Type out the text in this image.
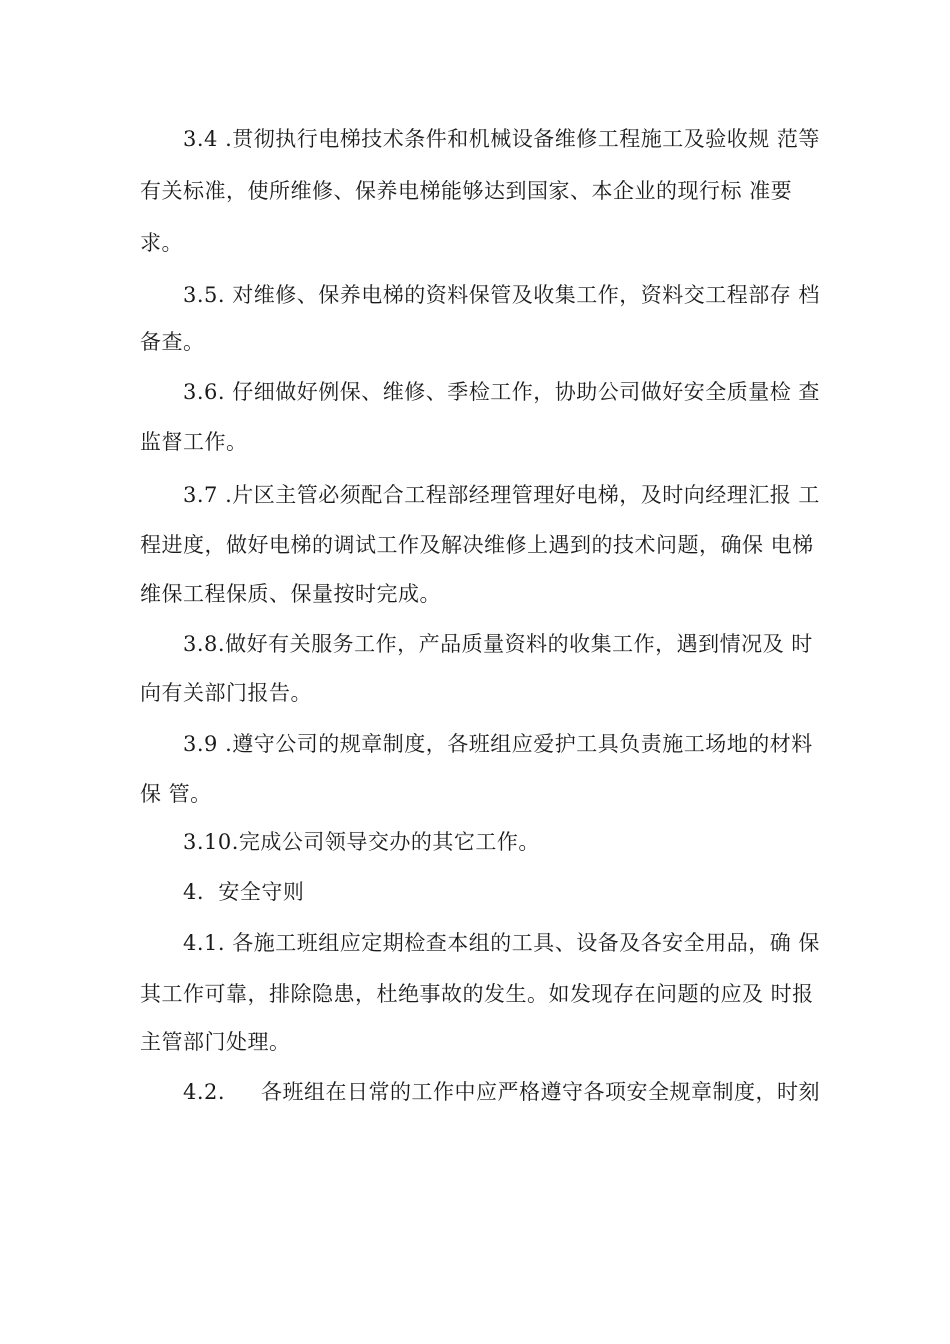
3.4 .贯彻执行电梯技术条件和机械设备维修工程施工及验收规 范等
有关标准，使所维修、保养电梯能够达到国家、本企业的现行标 准要
求。
3.5. 对维修、保养电梯的资料保管及收集工作，资料交工程部存 档
备查。
3.6. 仔细做好例保、维修、季检工作，协助公司做好安全质量检 查
监督工作。
3.7 .片区主管必须配合工程部经理管理好电梯，及时向经理汇报 工
程进度，做好电梯的调试工作及解决维修上遇到的技术问题，确保 电梯
维保工程保质、保量按时完成。
3.8.做好有关服务工作，产品质量资料的收集工作，遇到情况及 时
向有关部门报告。
3.9 .遵守公司的规章制度，各班组应爱护工具负责施工场地的材料
保 管。
3.10.完成公司领导交办的其它工作。
4.  安全守则
4.1. 各施工班组应定期检查本组的工具、设备及各安全用品，确 保
其工作可靠，排除隐患，杜绝事故的发生。如发现存在问题的应及 时报
主管部门处理。
4.2.     各班组在日常的工作中应严格遵守各项安全规章制度，时刻
